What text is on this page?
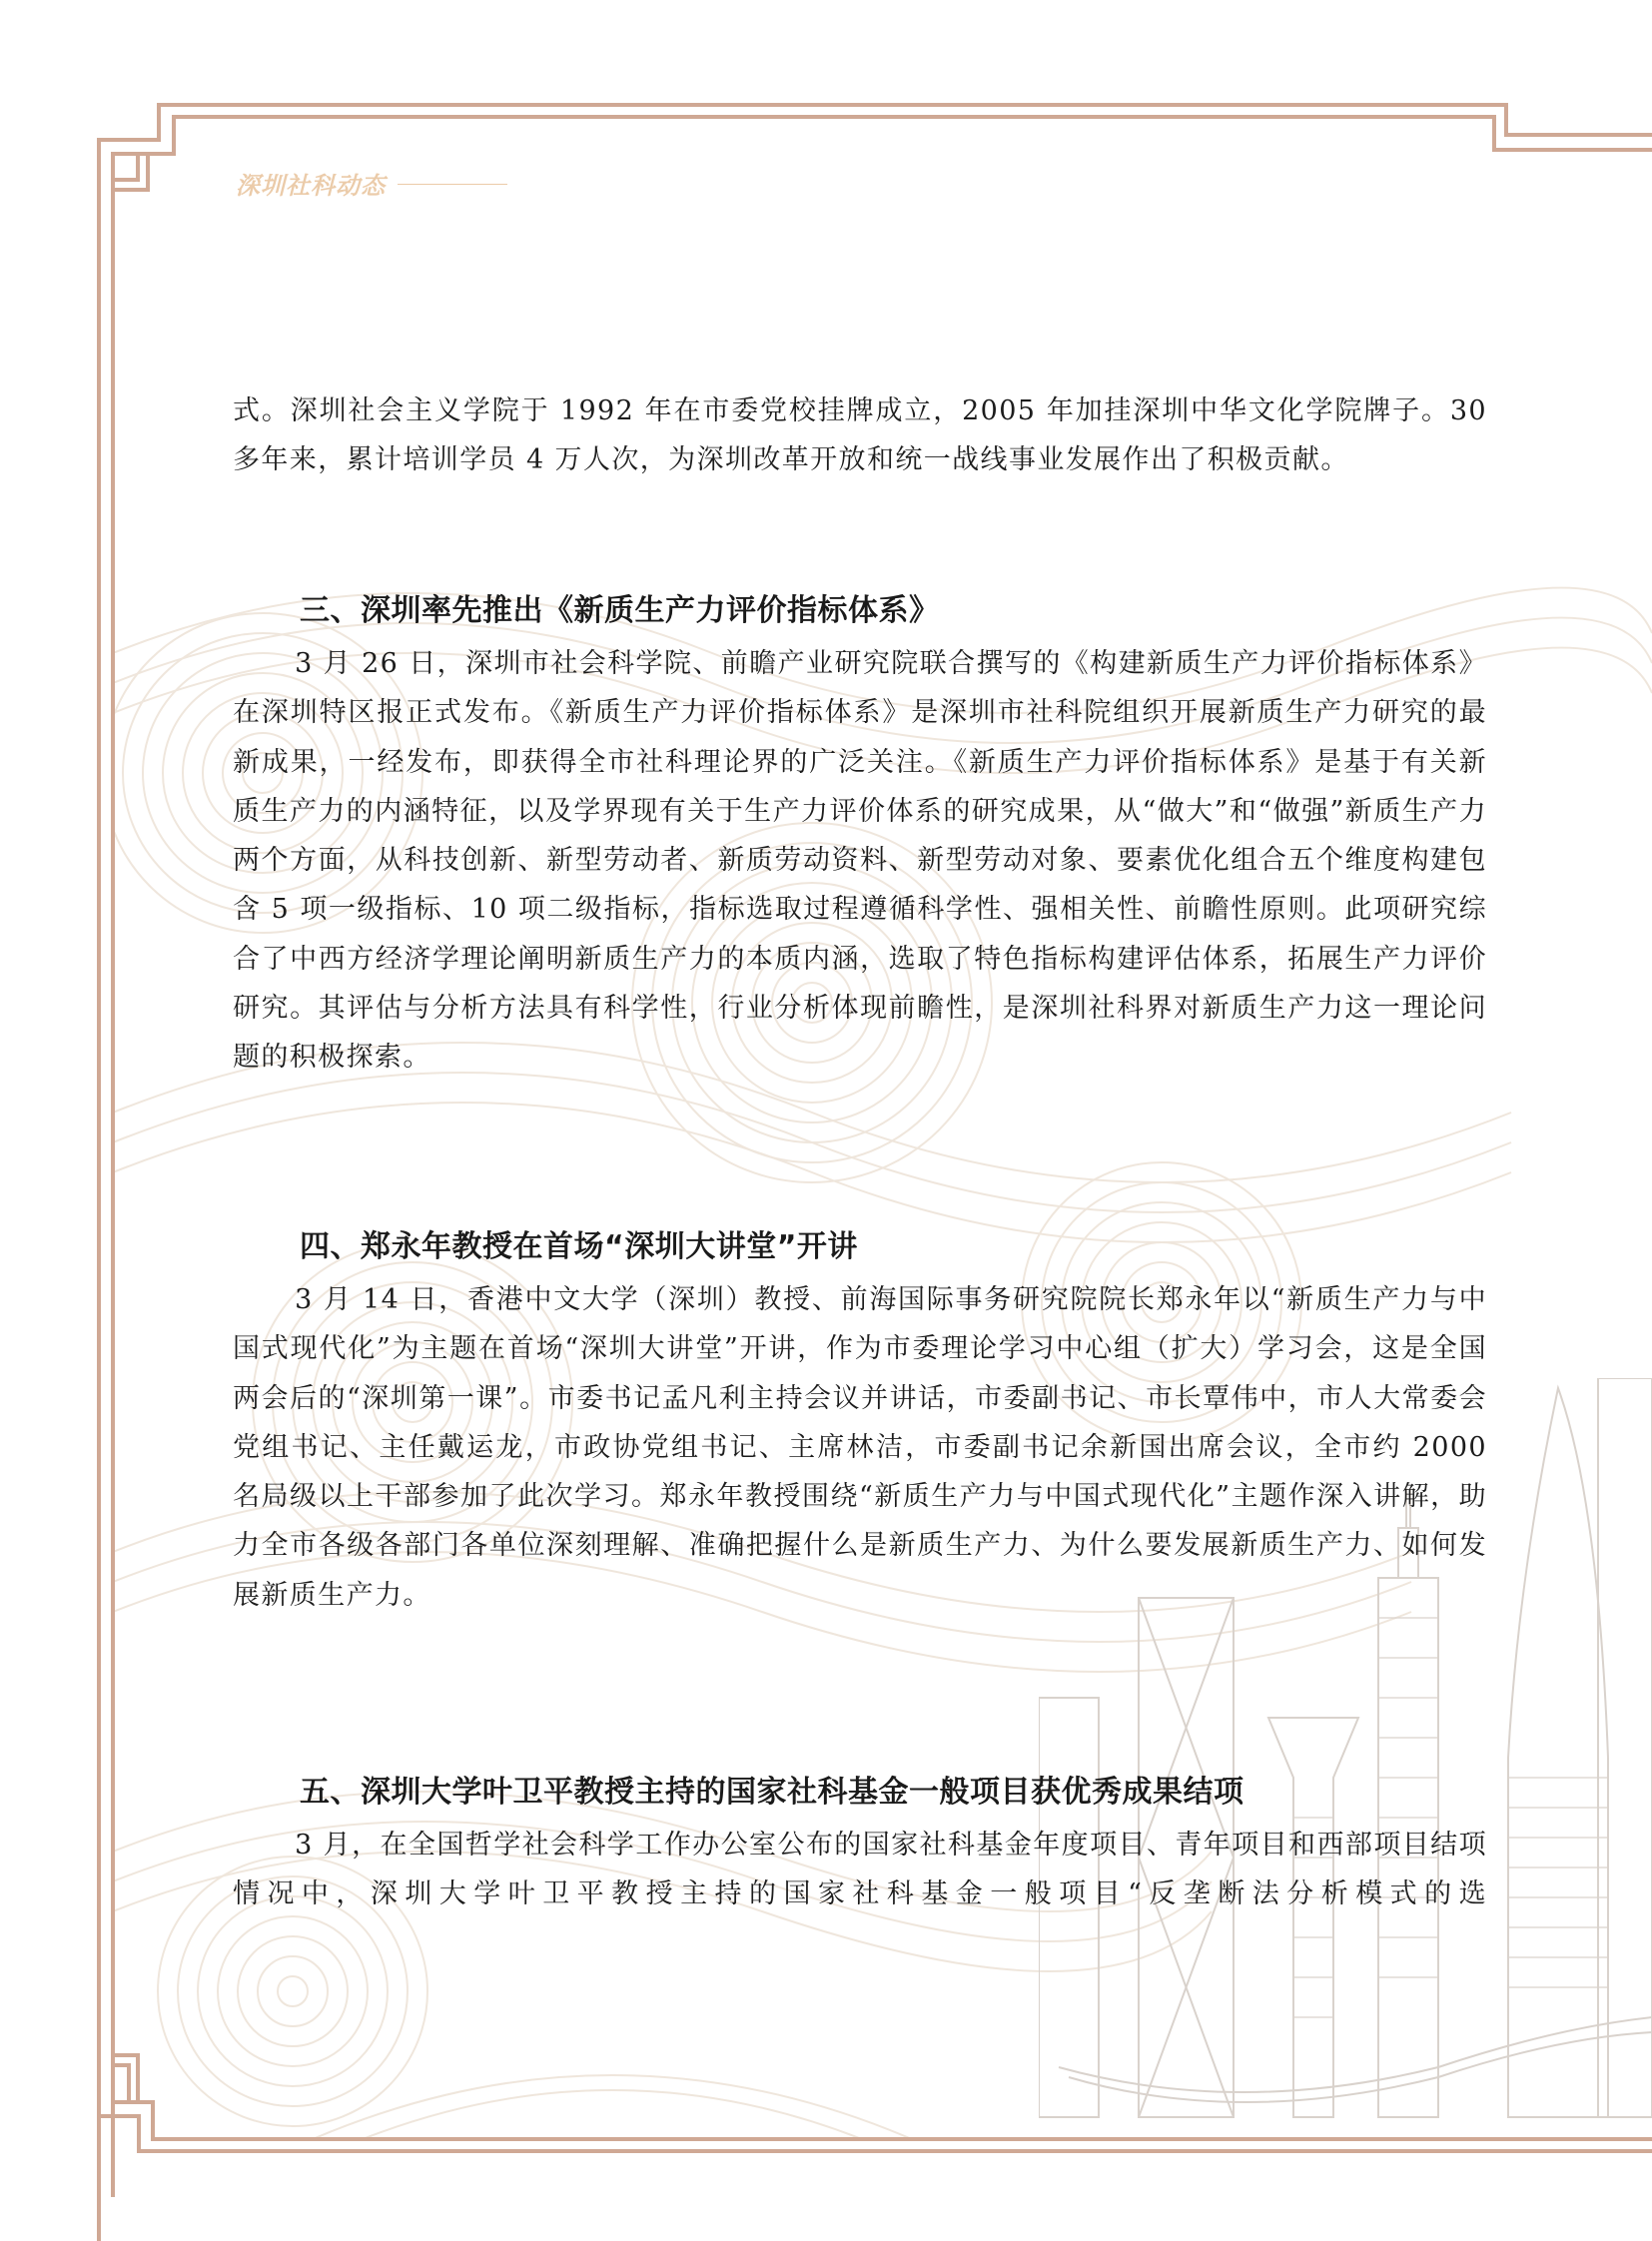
深圳社科动态

式。深圳社会主义学院于 1992 年在市委党校挂牌成立，2005 年加挂深圳中华文化学院牌子。30 多年来，累计培训学员 4 万人次，为深圳改革开放和统一战线事业发展作出了积极贡献。

三、深圳率先推出《新质生产力评价指标体系》

3 月 26 日，深圳市社会科学院、前瞻产业研究院联合撰写的《构建新质生产力评价指标体系》在深圳特区报正式发布。《新质生产力评价指标体系》是深圳市社科院组织开展新质生产力研究的最新成果，一经发布，即获得全市社科理论界的广泛关注。《新质生产力评价指标体系》是基于有关新质生产力的内涵特征，以及学界现有关于生产力评价体系的研究成果，从“做大”和“做强”新质生产力两个方面，从科技创新、新型劳动者、新质劳动资料、新型劳动对象、要素优化组合五个维度构建包含 5 项一级指标、10 项二级指标，指标选取过程遵循科学性、强相关性、前瞻性原则。此项研究综合了中西方经济学理论阐明新质生产力的本质内涵，选取了特色指标构建评估体系，拓展生产力评价研究。其评估与分析方法具有科学性，行业分析体现前瞻性，是深圳社科界对新质生产力这一理论问题的积极探索。

四、郑永年教授在首场“深圳大讲堂”开讲

3 月 14 日，香港中文大学（深圳）教授、前海国际事务研究院院长郑永年以“新质生产力与中国式现代化”为主题在首场“深圳大讲堂”开讲，作为市委理论学习中心组（扩大）学习会，这是全国两会后的“深圳第一课”。市委书记孟凡利主持会议并讲话，市委副书记、市长覃伟中，市人大常委会党组书记、主任戴运龙，市政协党组书记、主席林洁，市委副书记余新国出席会议，全市约 2000 名局级以上干部参加了此次学习。郑永年教授围绕“新质生产力与中国式现代化”主题作深入讲解，助力全市各级各部门各单位深刻理解、准确把握什么是新质生产力、为什么要发展新质生产力、如何发展新质生产力。

五、深圳大学叶卫平教授主持的国家社科基金一般项目获优秀成果结项

3 月，在全国哲学社会科学工作办公室公布的国家社科基金年度项目、青年项目和西部项目结项情况中，深圳大学叶卫平教授主持的国家社科基金一般项目“反垄断法分析模式的选
